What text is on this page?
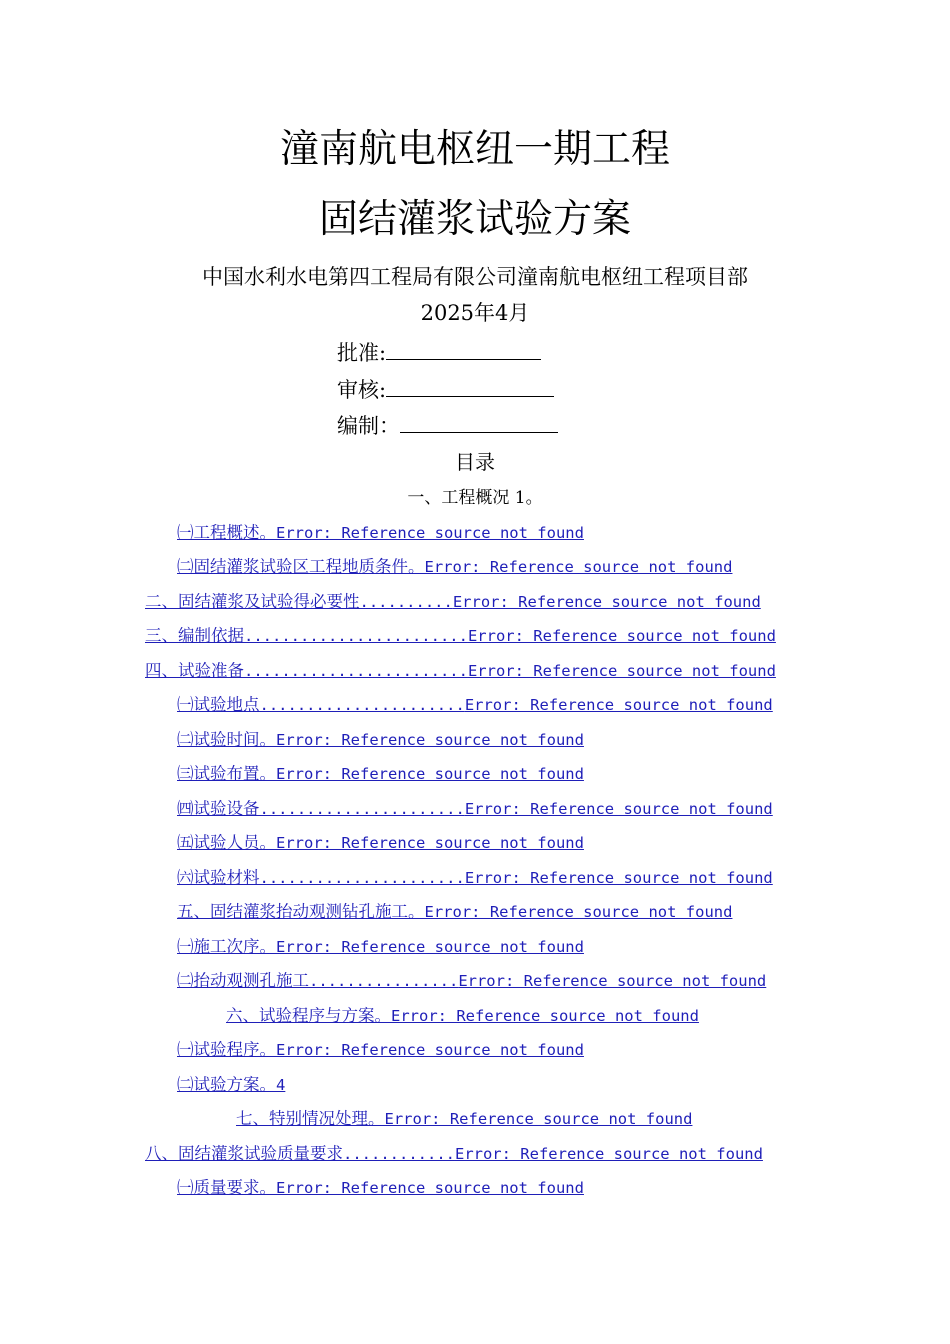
潼南航电枢纽一期工程
固结灌浆试验方案
中国水利水电第四工程局有限公司潼南航电枢纽工程项目部
2025年4月
批准:
审核:
编制：
目录
一、工程概况 1。
㈠工程概述。Error: Reference source not found
㈡固结灌浆试验区工程地质条件。Error: Reference source not found
二、固结灌浆及试验得必要性..........Error: Reference source not found
三、编制依据........................Error: Reference source not found
四、试验准备........................Error: Reference source not found
㈠试验地点......................Error: Reference source not found
㈡试验时间。Error: Reference source not found
㈢试验布置。Error: Reference source not found
㈣试验设备......................Error: Reference source not found
㈤试验人员。Error: Reference source not found
㈥试验材料......................Error: Reference source not found
五、固结灌浆抬动观测钻孔施工。Error: Reference source not found
㈠施工次序。Error: Reference source not found
㈡抬动观测孔施工................Error: Reference source not found
六、试验程序与方案。Error: Reference source not found
㈠试验程序。Error: Reference source not found
㈡试验方案。4
七、特别情况处理。Error: Reference source not found
八、固结灌浆试验质量要求............Error: Reference source not found
㈠质量要求。Error: Reference source not found
